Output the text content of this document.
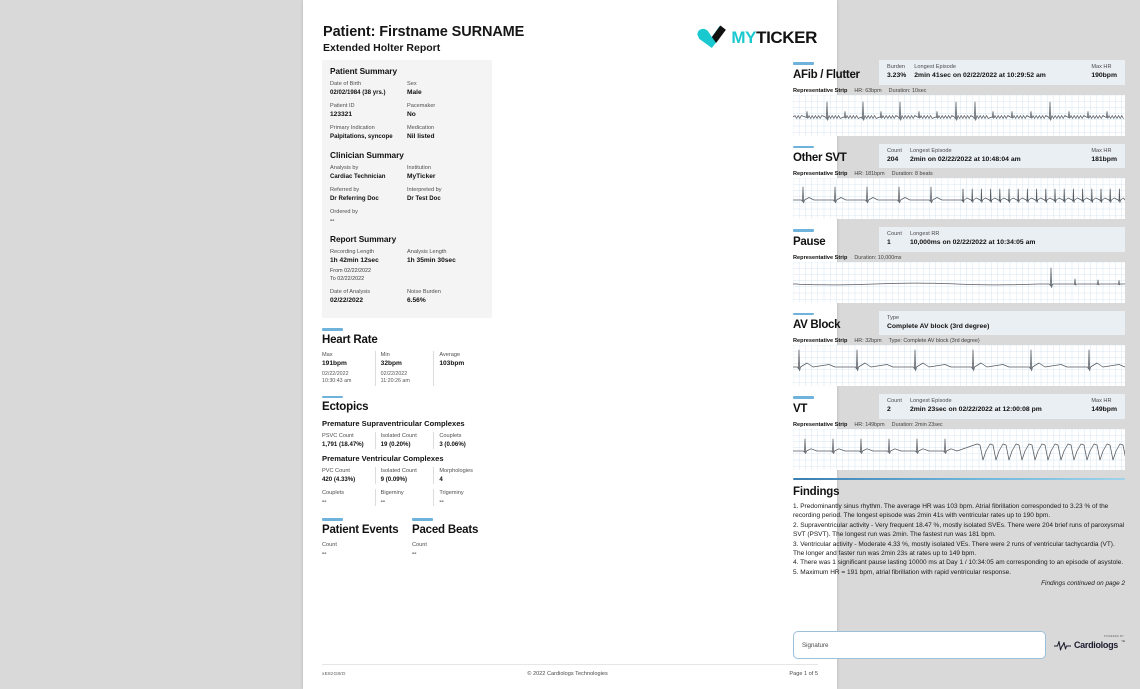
Patient: Firstname SURNAME
Extended Holter Report
MYTICKER
Patient Summary
Date of Birth
02/02/1984 (38 yrs.)
Sex
Male
Patient ID
123321
Pacemaker
No
Primary Indication
Palpitations, syncope
Medication
Nil listed
Clinician Summary
Analysis by
Cardiac Technician
Institution
MyTicker
Referred by
Dr Referring Doc
Interpreted by
Dr Test Doc
Ordered by
--
Report Summary
Recording Length
1h 42min 12sec
Analysis Length
1h 35min 30sec
From 02/22/2022
To 02/22/2022
Date of Analysis
02/22/2022
Noise Burden
6.56%
Heart Rate
Max
191bpm
02/22/2022
10:30:43 am
Min
32bpm
02/22/2022
11:20:26 am
Average
103bpm
Ectopics
Premature Supraventricular Complexes
PSVC Count
1,791 (18.47%)
Isolated Count
19 (0.20%)
Couplets
3 (0.06%)
Premature Ventricular Complexes
PVC Count
420 (4.33%)
Isolated Count
9 (0.09%)
Morphologies
4
Couplets
--
Bigeminy
--
Trigeminy
--
Patient Events
Count
--
Paced Beats
Count
--
AFib / Flutter
Burden
3.23%
Longest Episode
2min 41sec on 02/22/2022 at 10:29:52 am
Max HR
190bpm
Representative Strip HR: 63bpm Duration: 10sec
Other SVT
Count
204
Longest Episode
2min on 02/22/2022 at 10:48:04 am
Max HR
181bpm
Representative Strip HR: 181bpm Duration: 8 beats
Pause
Count
1
Longest RR
10,000ms on 02/22/2022 at 10:34:05 am
Representative Strip Duration: 10,000ms
AV Block
Type
Complete AV block (3rd degree)
Representative Strip HR: 32bpm Type: Complete AV block (3rd degree)
VT
Count
2
Longest Episode
2min 23sec on 02/22/2022 at 12:00:08 pm
Max HR
149bpm
Representative Strip HR: 149bpm Duration: 2min 23sec
Findings

1. Predominantly sinus rhythm. The average HR was 103 bpm. Atrial fibrillation corresponded to 3.23 % of the recording period. The longest episode was 2min 41s with ventricular rates up to 190 bpm.

2. Supraventricular activity - Very frequent 18.47 %, mostly isolated SVEs. There were 204 brief runs of paroxysmal SVT (PSVT). The longest run was 2min. The fastest run was 181 bpm.

3. Ventricular activity - Moderate 4.33 %, mostly isolated VEs. There were 2 runs of ventricular tachycardia (VT). The longer and faster run was 2min 23s at rates up to 149 bpm.

4. There was 1 significant pause lasting 10000 ms at Day 1 / 10:34:05 am corresponding to an episode of asystole.

5. Maximum HR = 191 bpm, atrial fibrillation with rapid ventricular response.

Findings continued on page 2
Signature
POWERED BY
Cardiologs ™
xE8zG8rD	© 2022 Cardiologs Technologies	Page 1 of 5
